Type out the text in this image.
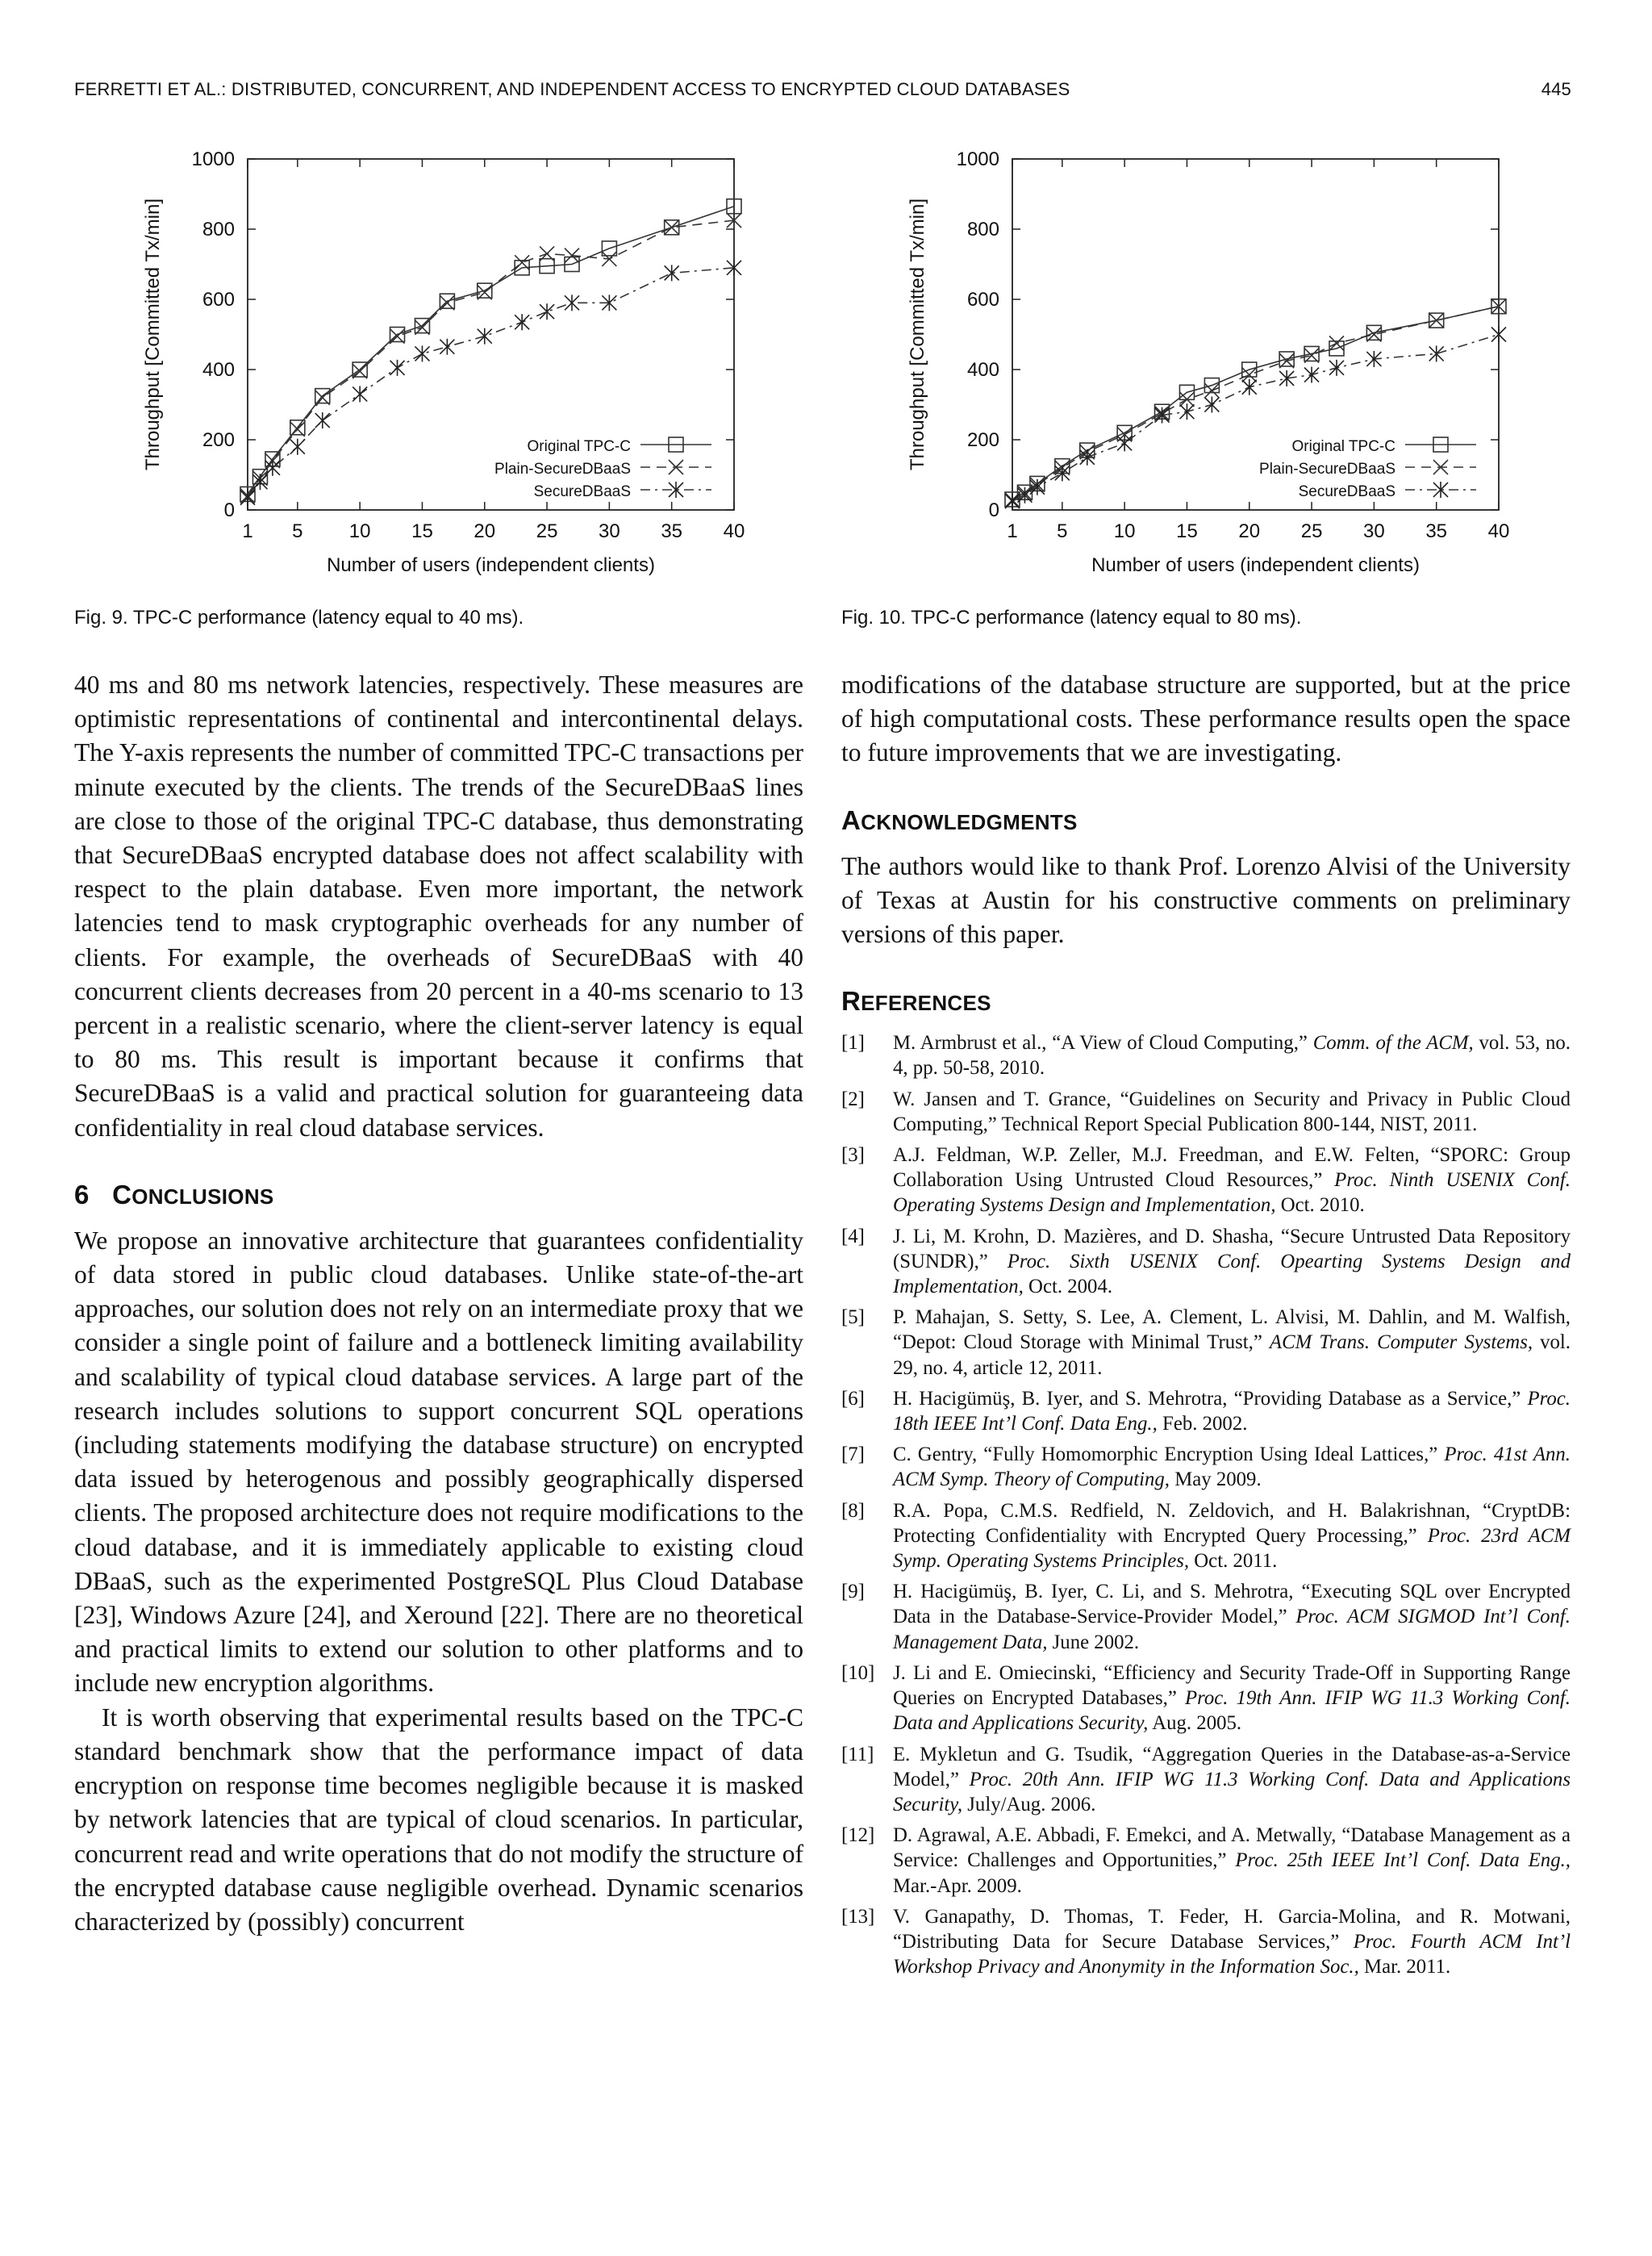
FERRETTI ET AL.: DISTRIBUTED, CONCURRENT, AND INDEPENDENT ACCESS TO ENCRYPTED CLOUD DATABASES	445
0
200
400
600
800
1000
1 5 10 15 20 25 30 35 40
Number of users (independent clients)
Throughput [Committed Tx/min]	Original TPC-C
Plain-SecureDBaaS
SecureDBaaS
0
200
400
600
800
1000
1 5 10 15 20 25 30 35 40
Number of users (independent clients)
Throughput [Committed Tx/min]	Original TPC-C
Plain-SecureDBaaS
SecureDBaaS
Fig. 9. TPC-C performance (latency equal to 40 ms).	Fig. 10. TPC-C performance (latency equal to 80 ms).

40 ms and 80 ms network latencies, respectively. These measures are optimistic representations of continental and intercontinental delays. The Y-axis represents the number of committed TPC-C transactions per minute executed by the clients. The trends of the SecureDBaaS lines are close to those of the original TPC-C database, thus demonstrating that SecureDBaaS encrypted database does not affect scalability with respect to the plain database. Even more important, the network latencies tend to mask cryptographic overheads for any number of clients. For example, the overheads of SecureDBaaS with 40 concurrent clients decreases from 20 percent in a 40-ms scenario to 13 percent in a realistic scenario, where the client-server latency is equal to 80 ms. This result is important because it confirms that SecureDBaaS is a valid and practical solution for guaranteeing data confidentiality in real cloud database services.

6 CONCLUSIONS

We propose an innovative architecture that guarantees confidentiality of data stored in public cloud databases. Unlike state-of-the-art approaches, our solution does not rely on an intermediate proxy that we consider a single point of failure and a bottleneck limiting availability and scalability of typical cloud database services. A large part of the research includes solutions to support concurrent SQL operations (including statements modifying the database structure) on encrypted data issued by heterogenous and possibly geographically dispersed clients. The proposed architecture does not require modifications to the cloud database, and it is immediately applicable to existing cloud DBaaS, such as the experimented PostgreSQL Plus Cloud Database [23], Windows Azure [24], and Xeround [22]. There are no theoretical and practical limits to extend our solution to other platforms and to include new encryption algorithms.

It is worth observing that experimental results based on the TPC-C standard benchmark show that the performance impact of data encryption on response time becomes negligible because it is masked by network latencies that are typical of cloud scenarios. In particular, concurrent read and write operations that do not modify the structure of the encrypted database cause negligible overhead. Dynamic scenarios characterized by (possibly) concurrent

modifications of the database structure are supported, but at the price of high computational costs. These performance results open the space to future improvements that we are investigating.

ACKNOWLEDGMENTS

The authors would like to thank Prof. Lorenzo Alvisi of the University of Texas at Austin for his constructive comments on preliminary versions of this paper.

REFERENCES
[1] M. Armbrust et al., “A View of Cloud Computing,” Comm. of the ACM, vol. 53, no. 4, pp. 50-58, 2010.
[2] W. Jansen and T. Grance, “Guidelines on Security and Privacy in Public Cloud Computing,” Technical Report Special Publication 800-144, NIST, 2011.
[3] A.J. Feldman, W.P. Zeller, M.J. Freedman, and E.W. Felten, “SPORC: Group Collaboration Using Untrusted Cloud Resources,” Proc. Ninth USENIX Conf. Operating Systems Design and Implementation, Oct. 2010.
[4] J. Li, M. Krohn, D. Mazières, and D. Shasha, “Secure Untrusted Data Repository (SUNDR),” Proc. Sixth USENIX Conf. Opearting Systems Design and Implementation, Oct. 2004.
[5] P. Mahajan, S. Setty, S. Lee, A. Clement, L. Alvisi, M. Dahlin, and M. Walfish, “Depot: Cloud Storage with Minimal Trust,” ACM Trans. Computer Systems, vol. 29, no. 4, article 12, 2011.
[6] H. Hacigümüş, B. Iyer, and S. Mehrotra, “Providing Database as a Service,” Proc. 18th IEEE Int’l Conf. Data Eng., Feb. 2002.
[7] C. Gentry, “Fully Homomorphic Encryption Using Ideal Lattices,” Proc. 41st Ann. ACM Symp. Theory of Computing, May 2009.
[8] R.A. Popa, C.M.S. Redfield, N. Zeldovich, and H. Balakrishnan, “CryptDB: Protecting Confidentiality with Encrypted Query Processing,” Proc. 23rd ACM Symp. Operating Systems Principles, Oct. 2011.
[9] H. Hacigümüş, B. Iyer, C. Li, and S. Mehrotra, “Executing SQL over Encrypted Data in the Database-Service-Provider Model,” Proc. ACM SIGMOD Int’l Conf. Management Data, June 2002.
[10] J. Li and E. Omiecinski, “Efficiency and Security Trade-Off in Supporting Range Queries on Encrypted Databases,” Proc. 19th Ann. IFIP WG 11.3 Working Conf. Data and Applications Security, Aug. 2005.
[11] E. Mykletun and G. Tsudik, “Aggregation Queries in the Database-as-a-Service Model,” Proc. 20th Ann. IFIP WG 11.3 Working Conf. Data and Applications Security, July/Aug. 2006.
[12] D. Agrawal, A.E. Abbadi, F. Emekci, and A. Metwally, “Database Management as a Service: Challenges and Opportunities,” Proc. 25th IEEE Int’l Conf. Data Eng., Mar.-Apr. 2009.
[13] V. Ganapathy, D. Thomas, T. Feder, H. Garcia-Molina, and R. Motwani, “Distributing Data for Secure Database Services,” Proc. Fourth ACM Int’l Workshop Privacy and Anonymity in the Information Soc., Mar. 2011.
